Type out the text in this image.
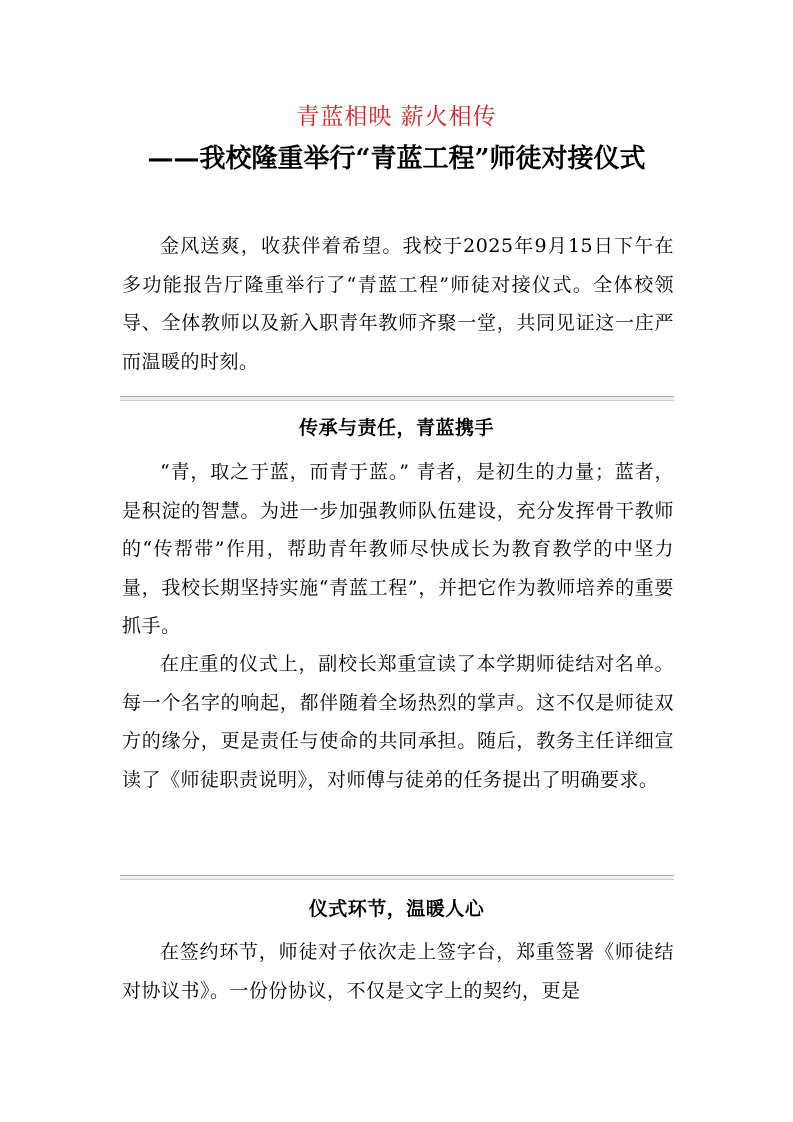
青蓝相映 薪火相传
——我校隆重举行“青蓝工程”师徒对接仪式

金风送爽，收获伴着希望。我校于2025年9月15日下午在多功能报告厅隆重举行了“青蓝工程”师徒对接仪式。全体校领导、全体教师以及新入职青年教师齐聚一堂，共同见证这一庄严而温暖的时刻。

传承与责任，青蓝携手

“青，取之于蓝，而青于蓝。” 青者，是初生的力量；蓝者，是积淀的智慧。为进一步加强教师队伍建设，充分发挥骨干教师的“传帮带”作用，帮助青年教师尽快成长为教育教学的中坚力量，我校长期坚持实施“青蓝工程”，并把它作为教师培养的重要抓手。

在庄重的仪式上，副校长郑重宣读了本学期师徒结对名单。每一个名字的响起，都伴随着全场热烈的掌声。这不仅是师徒双方的缘分，更是责任与使命的共同承担。随后，教务主任详细宣读了《师徒职责说明》，对师傅与徒弟的任务提出了明确要求。

仪式环节，温暖人心

在签约环节，师徒对子依次走上签字台，郑重签署《师徒结对协议书》。一份份协议，不仅是文字上的契约，更是
